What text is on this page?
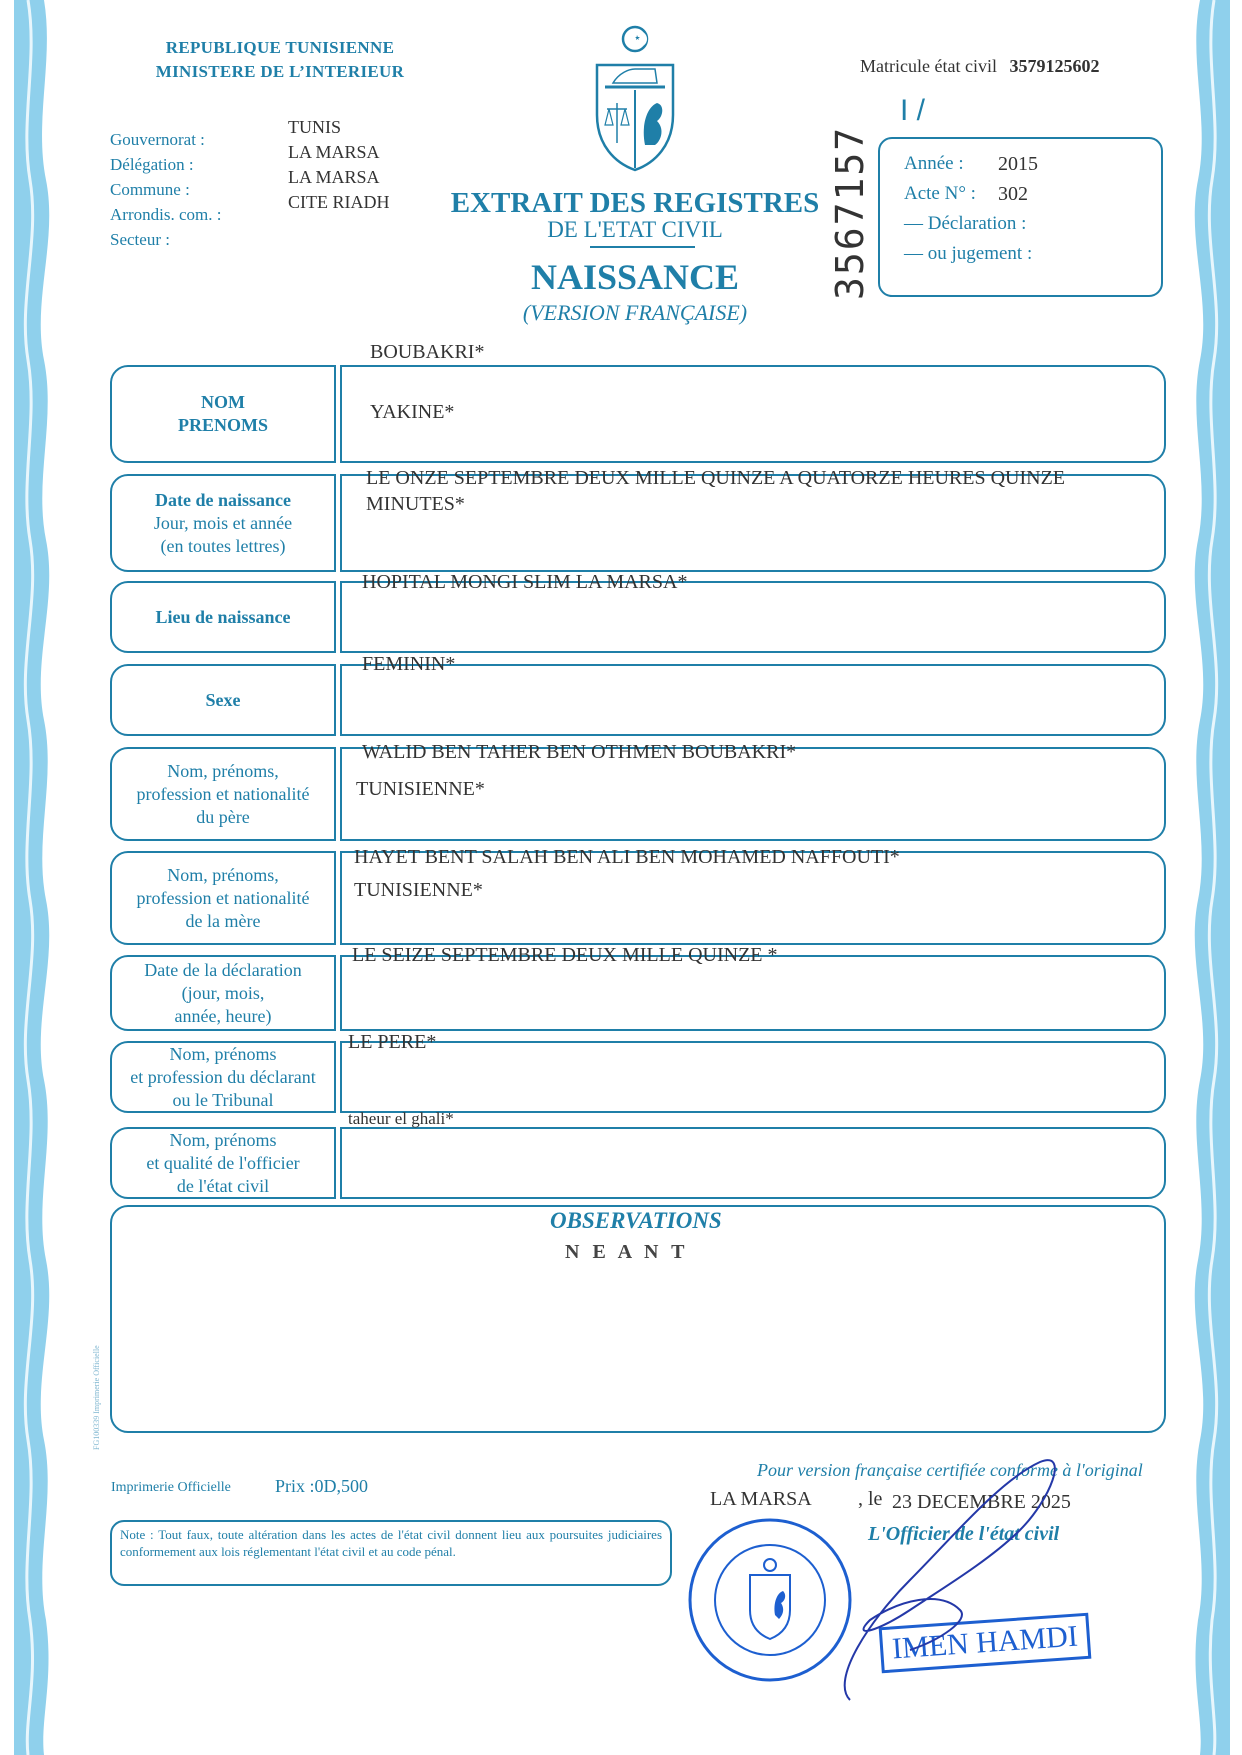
REPUBLIQUE TUNISIENNE
MINISTERE DE L’INTERIEUR
Gouvernorat :
Délégation :
Commune :
Arrondis. com. :
Secteur :
TUNIS
LA MARSA
LA MARSA
CITE RIADH EXTRAIT DES REGISTRES
DE L'ETAT CIVIL
NAISSANCE
(VERSION FRANÇAISE)
Matricule état civil 3579125602
I /
3567157 Année : 2015
Acte N° : 302
— Déclaration :
— ou jugement :
NOM
PRENOMS
BOUBAKRI*
YAKINE*
Date de naissance
Jour, mois et année
(en toutes lettres)
LE ONZE SEPTEMBRE DEUX MILLE QUINZE A QUATORZE HEURES QUINZE
MINUTES*
Lieu de naissance
HOPITAL MONGI SLIM LA MARSA*
Sexe
FEMININ*
Nom, prénoms,
profession et nationalité
du père
WALID BEN TAHER BEN OTHMEN BOUBAKRI*
TUNISIENNE*
Nom, prénoms,
profession et nationalité
de la mère
HAYET BENT SALAH BEN ALI BEN MOHAMED NAFFOUTI*
TUNISIENNE*
Date de la déclaration
(jour, mois,
année, heure)
LE SEIZE SEPTEMBRE DEUX MILLE QUINZE *
Nom, prénoms
et profession du déclarant
ou le Tribunal
LE PERE*
Nom, prénoms
et qualité de l'officier
de l'état civil
taheur el ghali*
OBSERVATIONS
N E A N T
FG100339 Imprimerie Officielle
Imprimerie Officielle Prix :0D,500
Note : Tout faux, toute altération dans les actes de l'état civil donnent lieu aux poursuites judiciaires conformement aux lois réglementant l'état civil et au code pénal.
Pour version française certifiée conforme à l'original
LA MARSA , le 23 DECEMBRE 2025
L'Officier de l'état civil
IMEN HAMDI
